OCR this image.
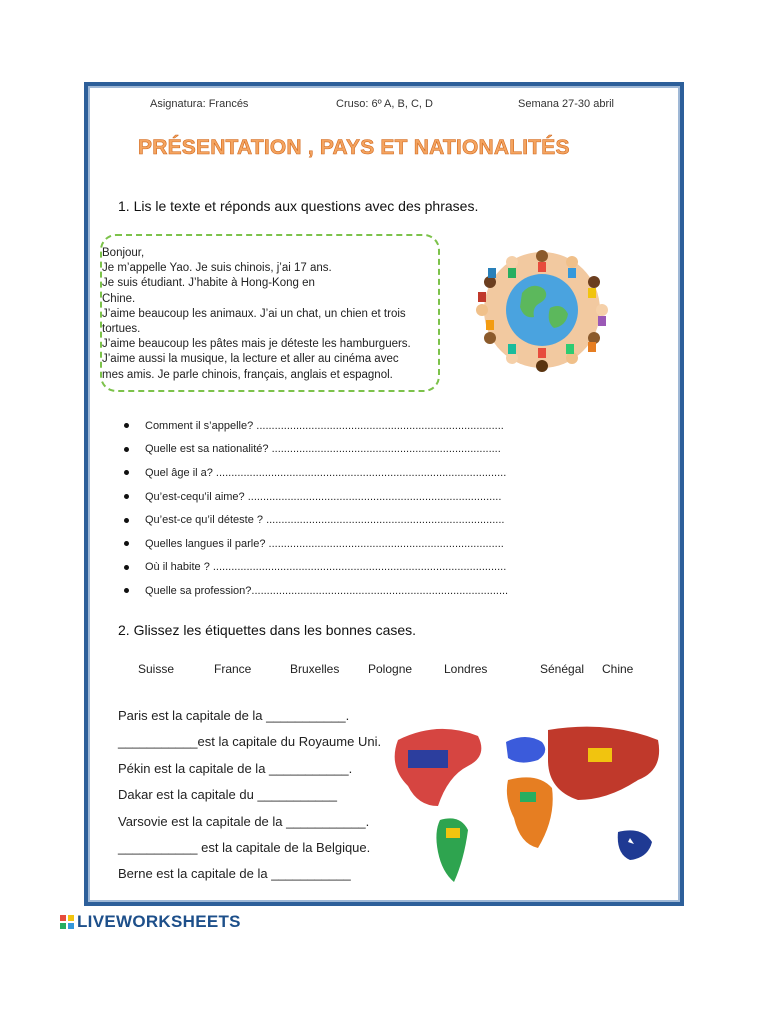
Asignatura: Francés	Cruso: 6º A, B, C, D	Semana 27-30 abril
PRÉSENTATION , PAYS ET NATIONALITÉS
1. Lis le texte et réponds aux questions avec des phrases.
Bonjour,
Je m’appelle Yao. Je suis chinois, j’ai 17 ans.
Je suis étudiant. J’habite à Hong-Kong en
Chine.
J’aime beaucoup les animaux. J’ai un chat, un chien et trois
tortues.
J’aime beaucoup les pâtes mais je déteste les hamburguers.
J’aime aussi la musique, la lecture et aller au cinéma avec
mes amis. Je parle chinois, français, anglais et espagnol.
Comment il s’appelle? .................................................................................
Quelle est sa nationalité? ...........................................................................
Quel âge il a? ...............................................................................................
Qu’est-cequ’il aime? ...................................................................................
Qu’est-ce qu’il déteste ? ..............................................................................
Quelles langues il parle? .............................................................................
Où il habite ? ................................................................................................
Quelle sa profession?....................................................................................
2. Glissez les étiquettes dans les bonnes cases.
Suisse	France	Bruxelles Pologne	Londres	Sénégal Chine
Paris est la capitale de la ___________.
___________est la capitale du Royaume Uni.
Pékin est la capitale de la ___________.
Dakar est la capitale du ___________
Varsovie est la capitale de la ___________.
___________ est la capitale de la Belgique.
Berne est la capitale de la ___________
LIVEWORKSHEETS
